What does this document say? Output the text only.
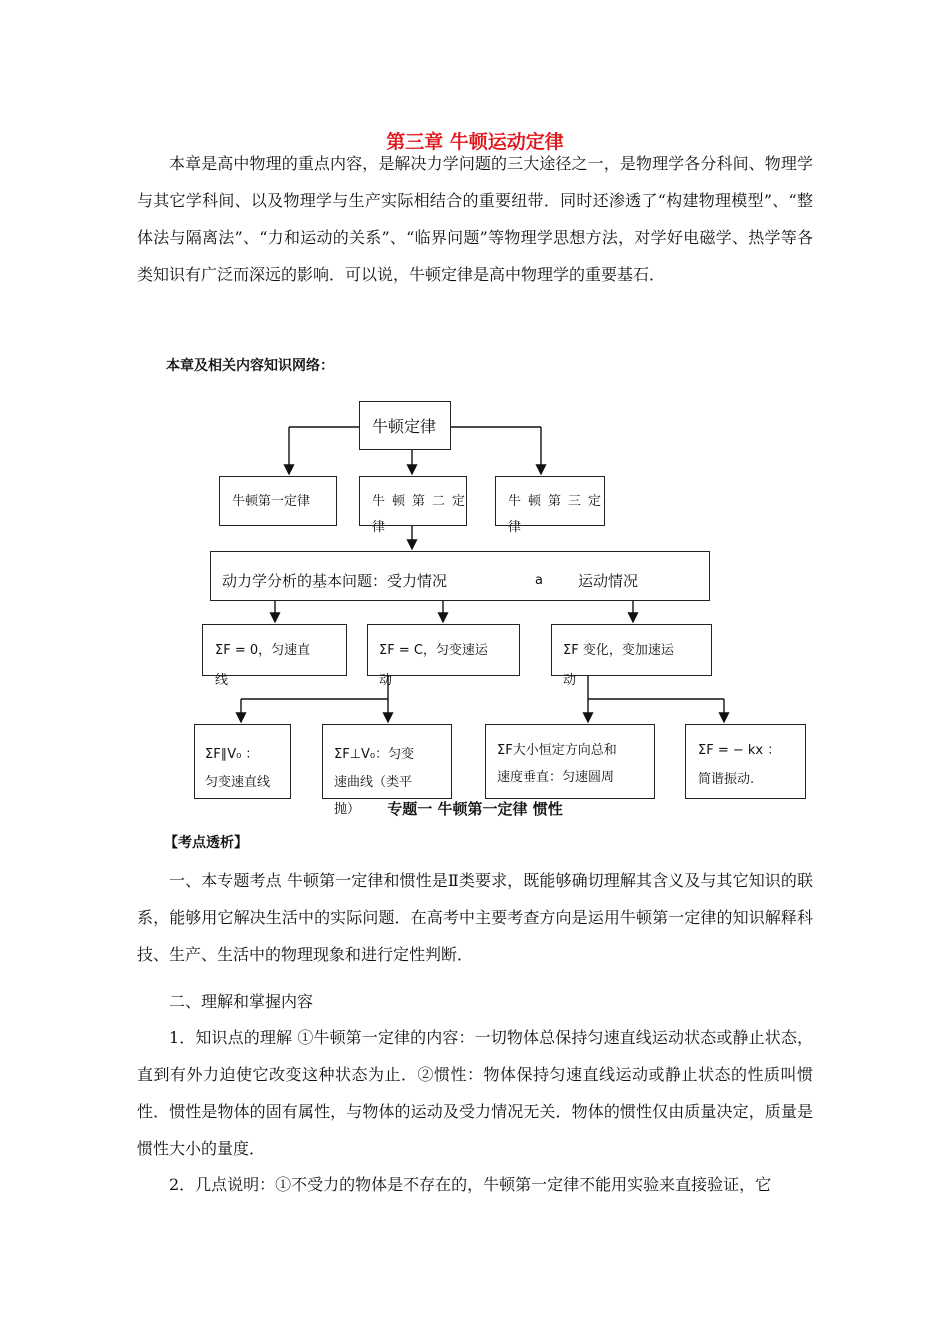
第三章 牛顿运动定律
本章是高中物理的重点内容，是解决力学问题的三大途径之一，是物理学各分科间、物理学与其它学科间、以及物理学与生产实际相结合的重要纽带．同时还渗透了“构建物理模型”、“整体法与隔离法”、“力和运动的关系”、“临界问题”等物理学思想方法，对学好电磁学、热学等各类知识有广泛而深远的影响．可以说，牛顿定律是高中物理学的重要基石．
本章及相关内容知识网络：
牛顿定律
牛顿第一定律	牛顿第二定
律
牛顿第三定
律
动力学分析的基本问题：受力情况	a 运动情况
ΣF = 0，匀速直
线
ΣF = C，匀变速运
动
ΣF 变化，变加速运
动
ΣF∥V₀ ：
匀变速直线
ΣF⊥V₀：匀变
速曲线（类平
抛）
ΣF大小恒定方向总和
速度垂直：匀速圆周
ΣF = − kx ：
简谐振动.
专题一 牛顿第一定律 惯性
【考点透析】
一、本专题考点 牛顿第一定律和惯性是Ⅱ类要求，既能够确切理解其含义及与其它知识的联系，能够用它解决生活中的实际问题．在高考中主要考查方向是运用牛顿第一定律的知识解释科技、生产、生活中的物理现象和进行定性判断．
二、理解和掌握内容
1．知识点的理解 ①牛顿第一定律的内容：一切物体总保持匀速直线运动状态或静止状态，直到有外力迫使它改变这种状态为止．②惯性：物体保持匀速直线运动或静止状态的性质叫惯性．惯性是物体的固有属性，与物体的运动及受力情况无关．物体的惯性仅由质量决定，质量是惯性大小的量度．
2．几点说明：①不受力的物体是不存在的，牛顿第一定律不能用实验来直接验证，它
